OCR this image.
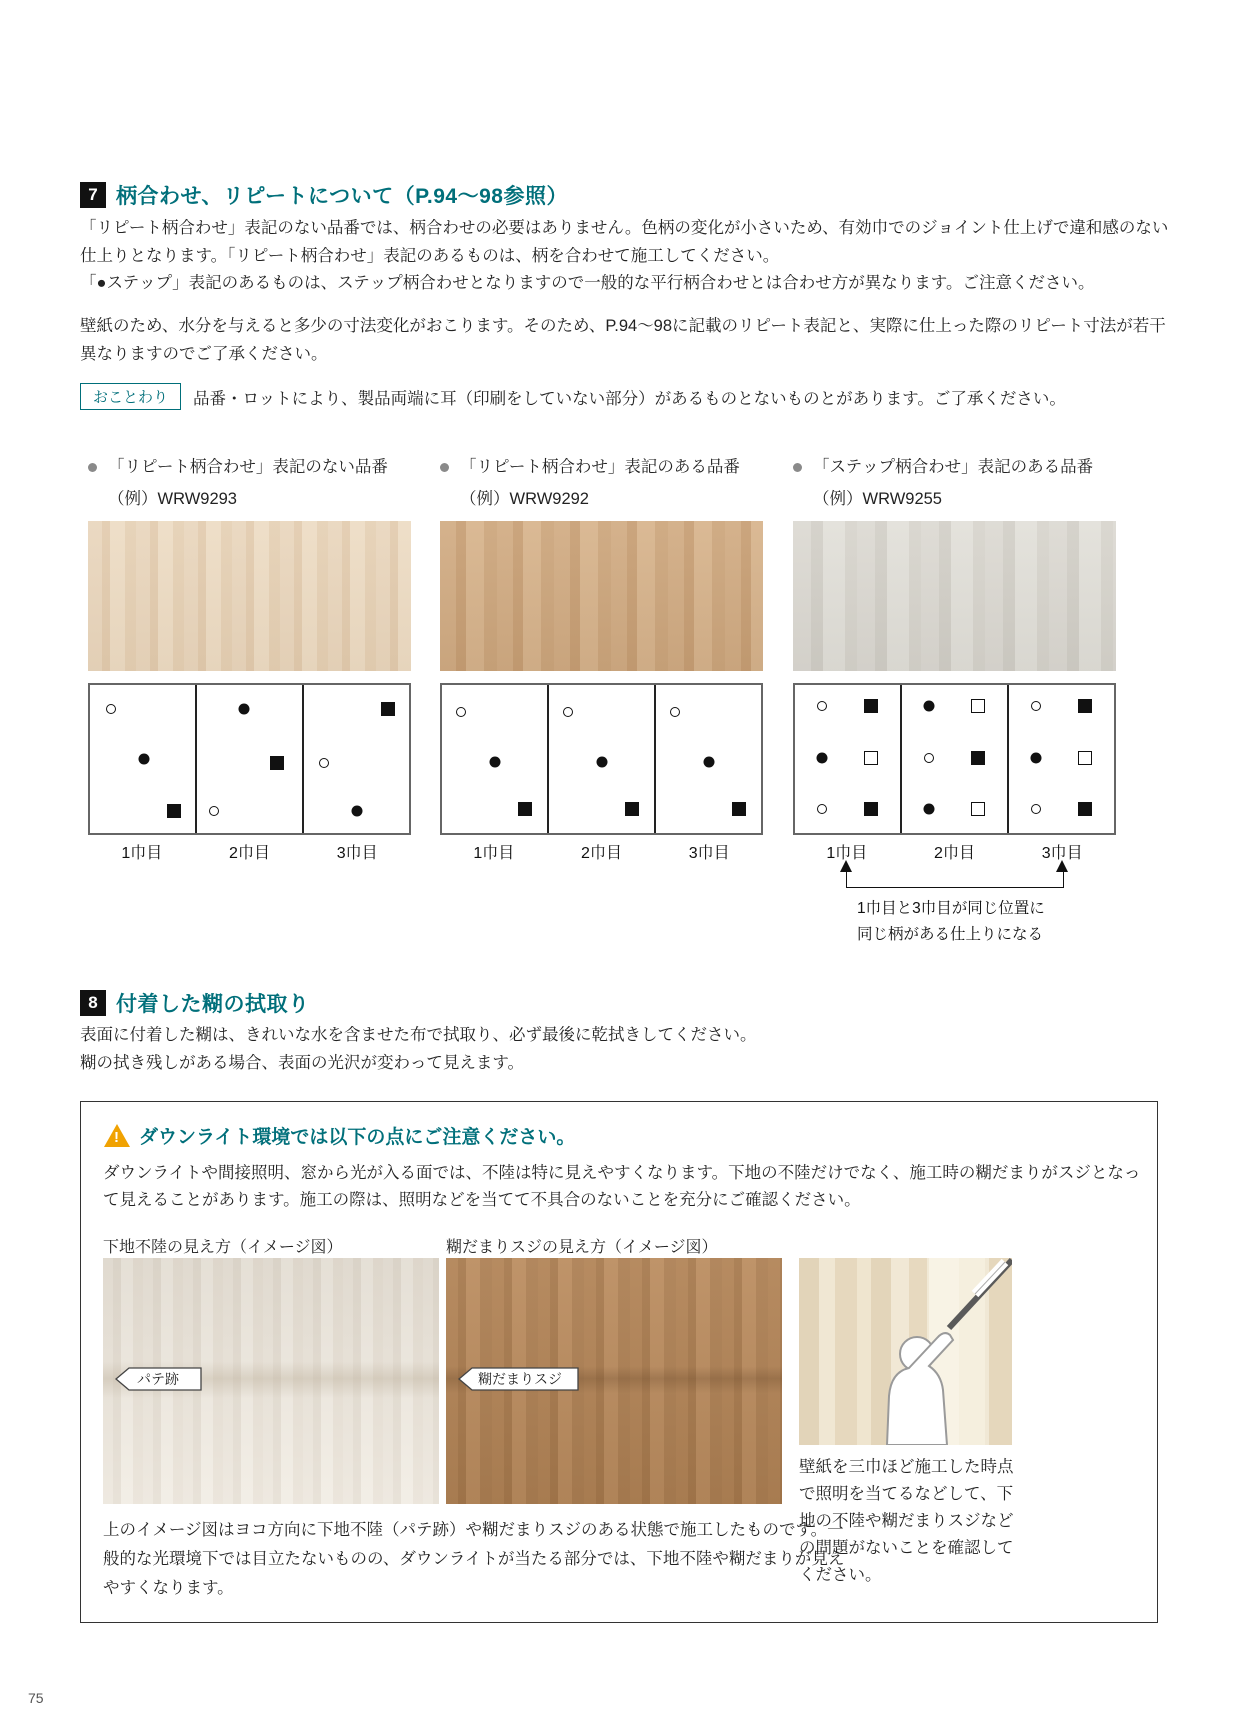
7 柄合わせ、リピートについて（P.94～98参照）
「リピート柄合わせ」表記のない品番では、柄合わせの必要はありません。色柄の変化が小さいため、有効巾でのジョイント仕上げで違和感のない仕上りとなります。「リピート柄合わせ」表記のあるものは、柄を合わせて施工してください。
「●ステップ」表記のあるものは、ステップ柄合わせとなりますので一般的な平行柄合わせとは合わせ方が異なります。ご注意ください。
壁紙のため、水分を与えると多少の寸法変化がおこります。そのため、P.94～98に記載のリピート表記と、実際に仕上った際のリピート寸法が若干異なりますのでご了承ください。
おことわり	品番・ロットにより、製品両端に耳（印刷をしていない部分）があるものとないものとがあります。ご了承ください。
「リピート柄合わせ」表記のない品番
（例）WRW9293
1巾目	2巾目	3巾目
「リピート柄合わせ」表記のある品番
（例）WRW9292
1巾目	2巾目	3巾目
「ステップ柄合わせ」表記のある品番
（例）WRW9255
1巾目	2巾目	3巾目
1巾目と3巾目が同じ位置に
同じ柄がある仕上りになる
8 付着した糊の拭取り
表面に付着した糊は、きれいな水を含ませた布で拭取り、必ず最後に乾拭きしてください。
糊の拭き残しがある場合、表面の光沢が変わって見えます。
!
ダウンライト環境では以下の点にご注意ください。
ダウンライトや間接照明、窓から光が入る面では、不陸は特に見えやすくなります。下地の不陸だけでなく、施工時の糊だまりがスジとなって見えることがあります。施工の際は、照明などを当てて不具合のないことを充分にご確認ください。
下地不陸の見え方（イメージ図）	糊だまりスジの見え方（イメージ図）
パテ跡	糊だまりスジ
上のイメージ図はヨコ方向に下地不陸（パテ跡）や糊だまりスジのある状態で施工したものです。一般的な光環境下では目立たないものの、ダウンライトが当たる部分では、下地不陸や糊だまりが見えやすくなります。
壁紙を三巾ほど施工した時点で照明を当てるなどして、下地の不陸や糊だまりスジなどの問題がないことを確認してください。
75
